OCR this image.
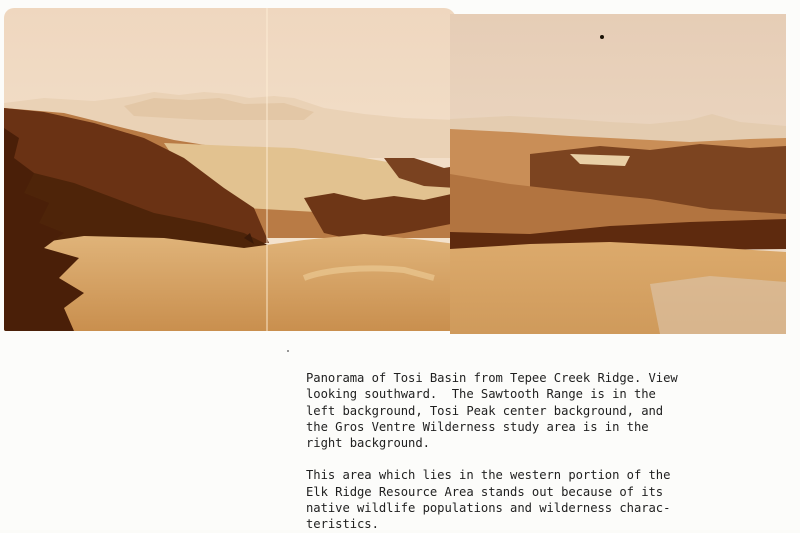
Panorama of Tosi Basin from Tepee Creek Ridge. View
looking southward.  The Sawtooth Range is in the
left background, Tosi Peak center background, and
the Gros Ventre Wilderness study area is in the
right background.

This area which lies in the western portion of the
Elk Ridge Resource Area stands out because of its
native wildlife populations and wilderness charac-
teristics.
